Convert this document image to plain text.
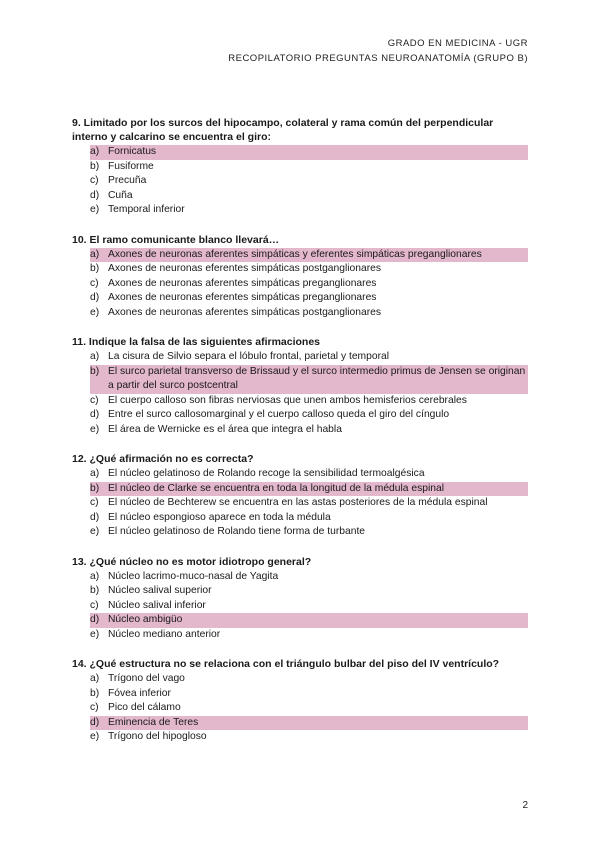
GRADO EN MEDICINA - UGR
RECOPILATORIO PREGUNTAS NEUROANATOMÍA (GRUPO B)
9. Limitado por los surcos del hipocampo, colateral y rama común del perpendicular interno y calcarino se encuentra el giro:
a) Fornicatus
b) Fusiforme
c) Precuña
d) Cuña
e) Temporal inferior
10. El ramo comunicante blanco llevará…
a) Axones de neuronas aferentes simpáticas y eferentes simpáticas preganglionares
b) Axones de neuronas eferentes simpáticas postganglionares
c) Axones de neuronas aferentes simpáticas preganglionares
d) Axones de neuronas eferentes simpáticas preganglionares
e) Axones de neuronas aferentes simpáticas postganglionares
11. Indique la falsa de las siguientes afirmaciones
a) La cisura de Silvio separa el lóbulo frontal, parietal y temporal
b) El surco parietal transverso de Brissaud y el surco intermedio primus de Jensen se originan a partir del surco postcentral
c) El cuerpo calloso son fibras nerviosas que unen ambos hemisferios cerebrales
d) Entre el surco callosomarginal y el cuerpo calloso queda el giro del cíngulo
e) El área de Wernicke es el área que integra el habla
12. ¿Qué afirmación no es correcta?
a) El núcleo gelatinoso de Rolando recoge la sensibilidad termoalgésica
b) El núcleo de Clarke se encuentra en toda la longitud de la médula espinal
c) El núcleo de Bechterew se encuentra en las astas posteriores de la médula espinal
d) El núcleo espongioso aparece en toda la médula
e) El núcleo gelatinoso de Rolando tiene forma de turbante
13. ¿Qué núcleo no es motor idiotropo general?
a) Núcleo lacrimo-muco-nasal de Yagita
b) Núcleo salival superior
c) Núcleo salival inferior
d) Núcleo ambigüo
e) Núcleo mediano anterior
14. ¿Qué estructura no se relaciona con el triángulo bulbar del piso del IV ventrículo?
a) Trígono del vago
b) Fóvea inferior
c) Pico del cálamo
d) Eminencia de Teres
e) Trígono del hipogloso
2
